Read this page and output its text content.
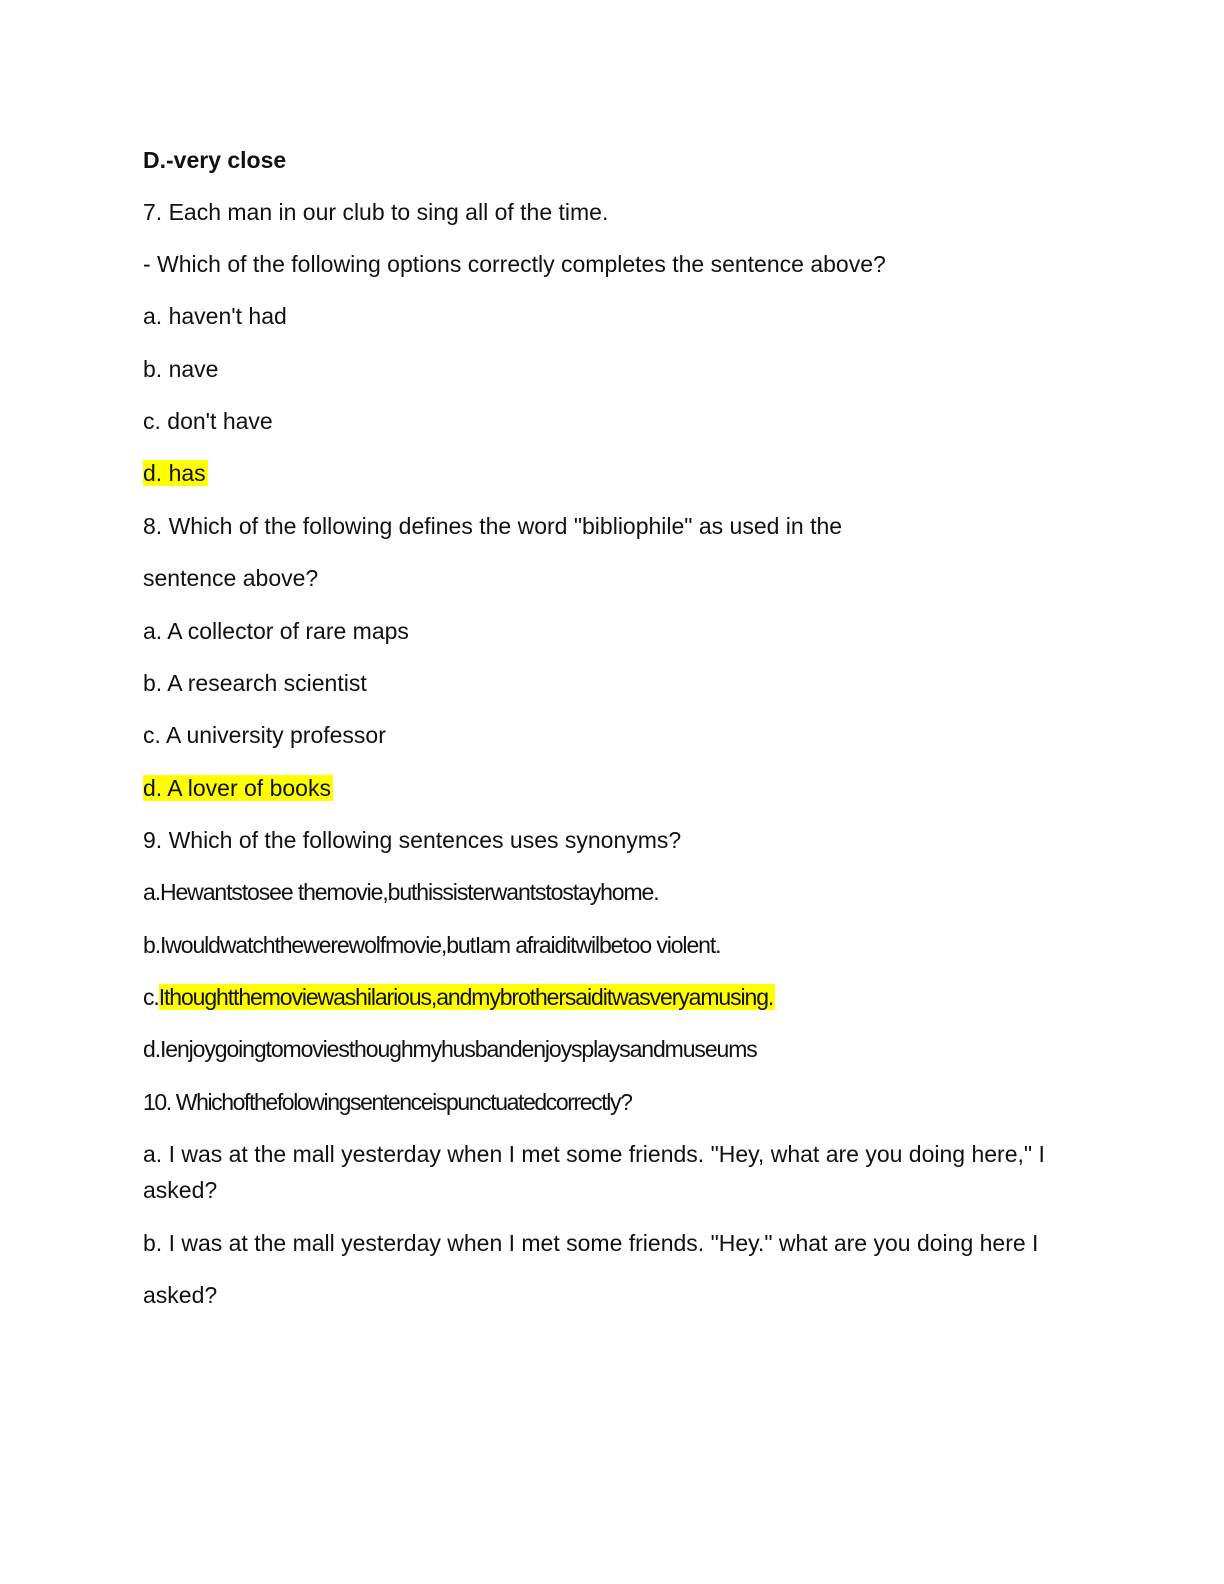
D.-very close
7. Each man in our club to sing all of the time.
- Which of the following options correctly completes the sentence above?
a. haven't had
b. nave
c. don't have
d. has
8. Which of the following defines the word "bibliophile" as used in the
sentence above?
a. A collector of rare maps
b. A research scientist
c. A university professor
d. A lover of books
9. Which of the following sentences uses synonyms?
a.Hewantstosee themovie,buthissisterwantstostayhome.
b.Iwouldwatchthewerewolfmovie,butIam afraiditwilbetoo violent.
c.Ithoughtthemoviewashilarious,andmybrothersaiditwasveryamusing.
d.Ienjoygoingtomoviesthoughmyhusbandenjoysplaysandmuseums
10. Whichofthefolowingsentenceispunctuatedcorrectly?
a. I was at the mall yesterday when I met some friends. "Hey, what are you doing here," I
asked?
b. I was at the mall yesterday when I met some friends. "Hey." what are you doing here I
asked?
